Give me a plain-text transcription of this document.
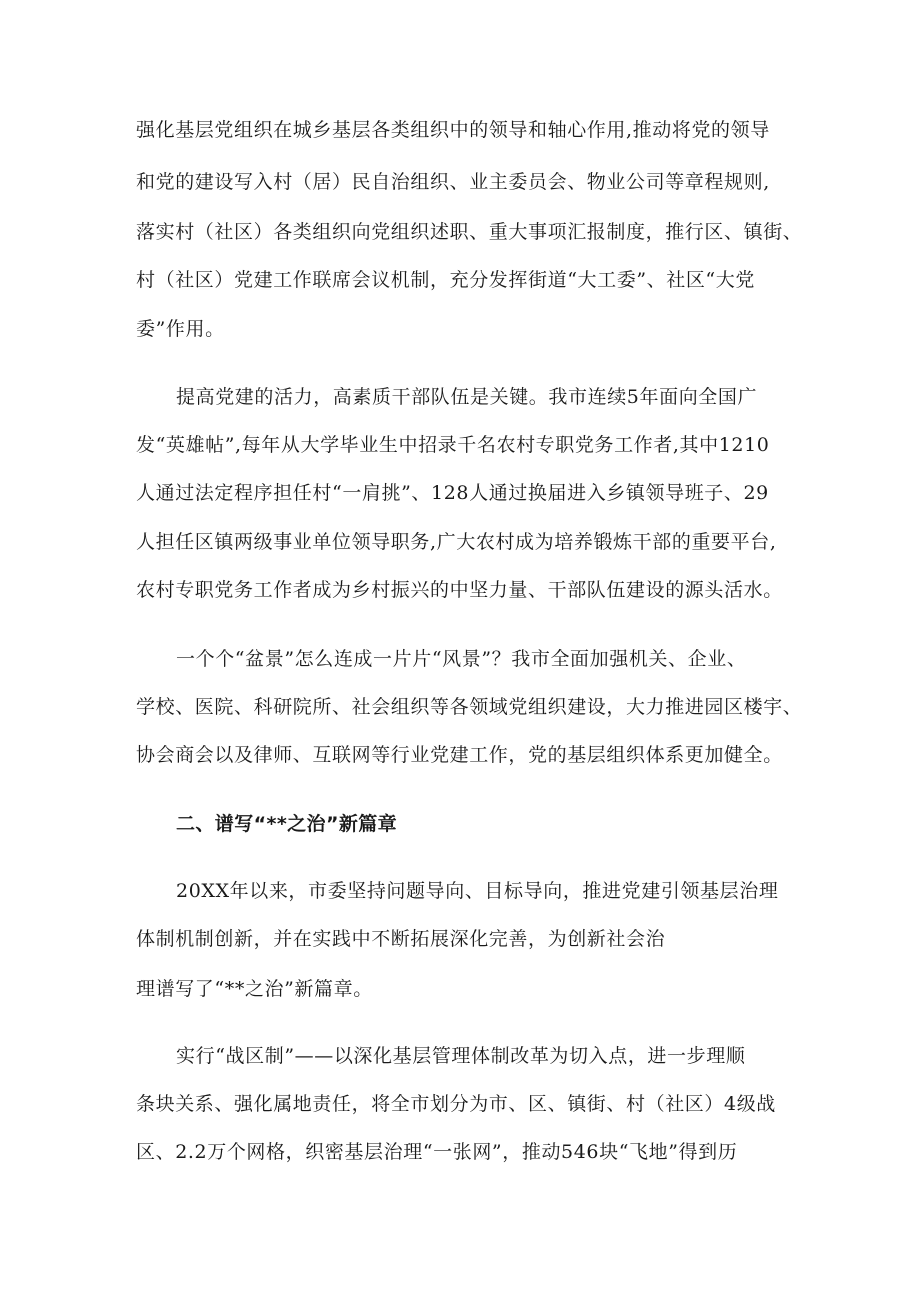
强化基层党组织在城乡基层各类组织中的领导和轴心作用,推动将党的领导
和党的建设写入村（居）民自治组织、业主委员会、物业公司等章程规则,
落实村（社区）各类组织向党组织述职、重大事项汇报制度，推行区、镇街、
村（社区）党建工作联席会议机制，充分发挥街道“大工委”、社区“大党
委”作用。
提高党建的活力，高素质干部队伍是关键。我市连续5年面向全国广
发“英雄帖”,每年从大学毕业生中招录千名农村专职党务工作者,其中1210
人通过法定程序担任村“一肩挑”、128人通过换届进入乡镇领导班子、29
人担任区镇两级事业单位领导职务,广大农村成为培养锻炼干部的重要平台,
农村专职党务工作者成为乡村振兴的中坚力量、干部队伍建设的源头活水。
一个个“盆景”怎么连成一片片“风景”？我市全面加强机关、企业、
学校、医院、科研院所、社会组织等各领域党组织建设，大力推进园区楼宇、
协会商会以及律师、互联网等行业党建工作，党的基层组织体系更加健全。
二、谱写“**之治”新篇章
20XX年以来，市委坚持问题导向、目标导向，推进党建引领基层治理
体制机制创新，并在实践中不断拓展深化完善，为创新社会治
理谱写了“**之治”新篇章。
实行“战区制”——以深化基层管理体制改革为切入点，进一步理顺
条块关系、强化属地责任，将全市划分为市、区、镇街、村（社区）4级战
区、2.2万个网格，织密基层治理“一张网”，推动546块“飞地”得到历
